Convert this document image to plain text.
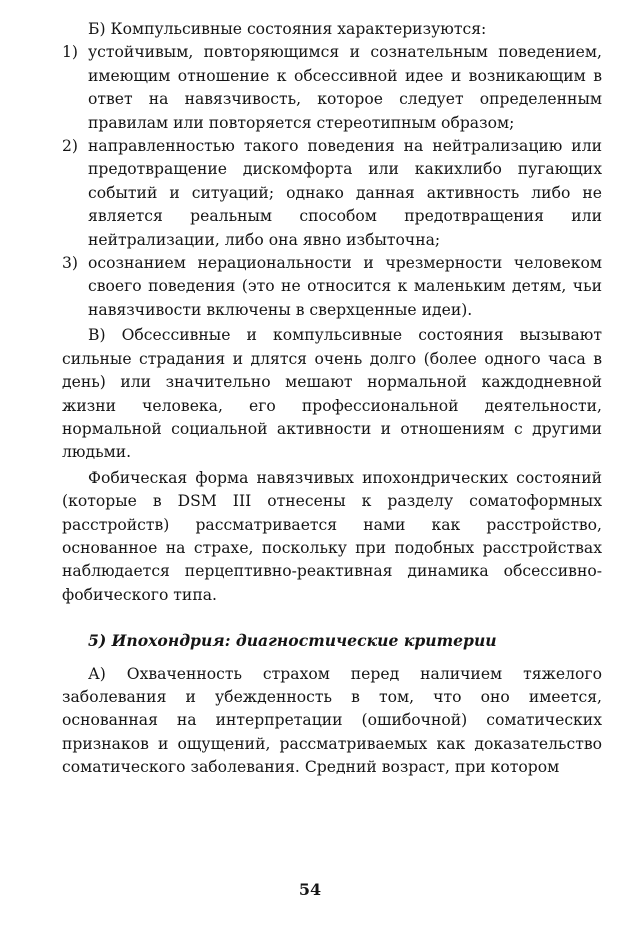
Б) Компульсивные состояния характеризуются:

1) устойчивым, повторяющимся и сознательным поведением, имеющим отношение к обсессивной идее и возникающим в ответ на навязчивость, которое следует определенным правилам или повторяется стереотипным образом;
2) направленностью такого поведения на нейтрализацию или предотвращение дискомфорта или какихлибо пугающих событий и ситуаций; однако данная активность либо не является реальным способом предотвращения или нейтрализации, либо она явно избыточна;
3) осознанием нерациональности и чрезмерности человеком своего поведения (это не относится к маленьким детям, чьи навязчивости включены в сверхценные идеи).

В) Обсессивные и компульсивные состояния вызывают сильные страдания и длятся очень долго (более одного часа в день) или значительно мешают нормальной каждодневной жизни человека, его профессиональной деятельности, нормальной социальной активности и отношениям с другими людьми.

Фобическая форма навязчивых ипохондрических состояний (которые в DSM III отнесены к разделу соматоформных расстройств) рассматривается нами как расстройство, основанное на страхе, поскольку при подобных расстройствах наблюдается перцептивно-реактивная динамика обсессивно-фобического типа.

5) Ипохондрия: диагностические критерии

А) Охваченность страхом перед наличием тяжелого заболевания и убежденность в том, что оно имеется, основанная на интерпретации (ошибочной) соматических признаков и ощущений, рассматриваемых как доказательство соматического заболевания. Средний возраст, при котором

54
